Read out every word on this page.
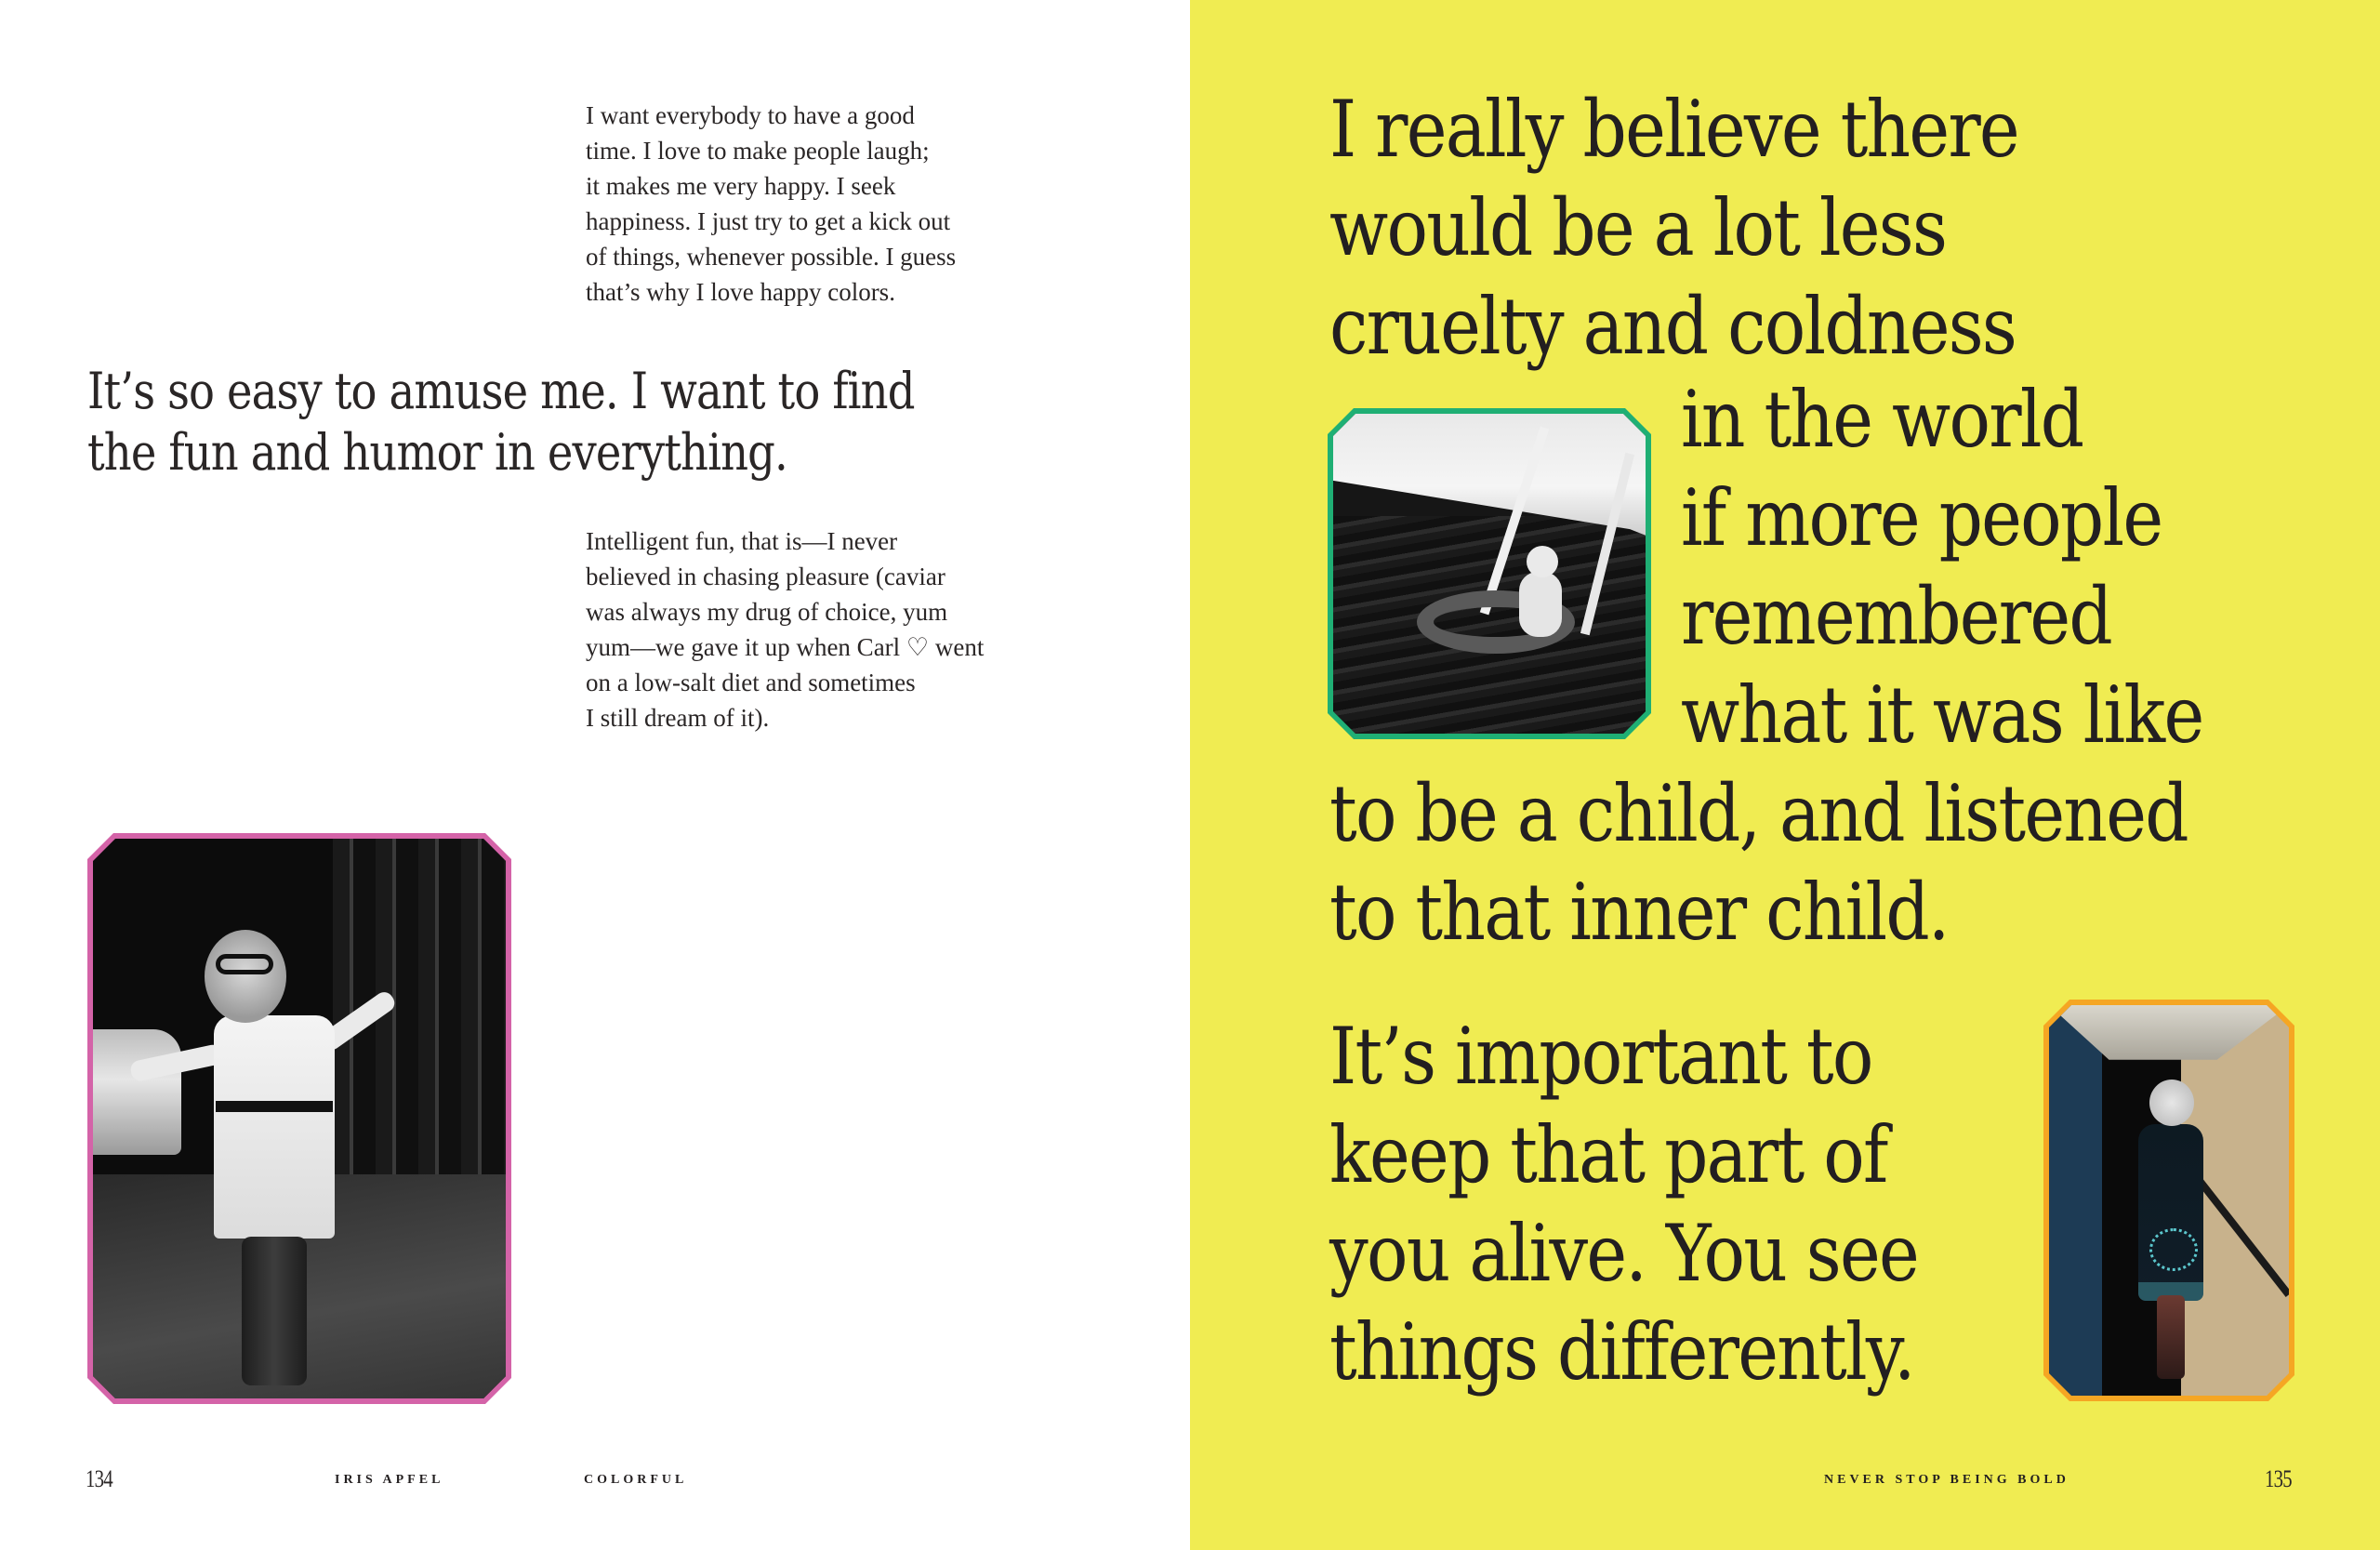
I want everybody to have a good
time. I love to make people laugh;
it makes me very happy. I seek
happiness. I just try to get a kick out
of things, whenever possible. I guess
that’s why I love happy colors.

It’s so easy to amuse me. I want to find
the fun and humor in everything.

Intelligent fun, that is—I never
believed in chasing pleasure (caviar
was always my drug of choice, yum
yum—we gave it up when Carl ♡ went
on a low-salt diet and sometimes
I still dream of it).

134	IRIS APFEL	COLORFUL

I really believe there
would be a lot less
cruelty and coldness

in the world
if more people
remembered
what it was like

to be a child, and listened
to that inner child.

It’s important to
keep that part of
you alive. You see
things differently.

NEVER STOP BEING BOLD	135
